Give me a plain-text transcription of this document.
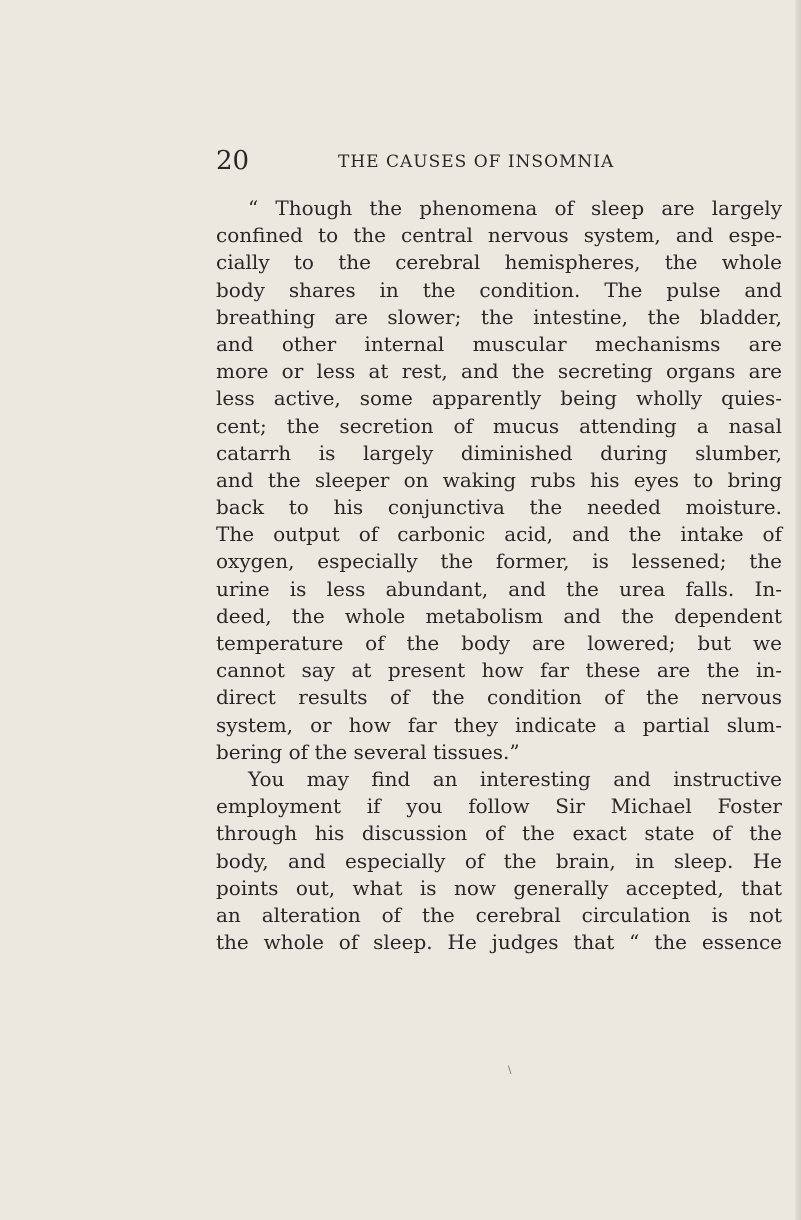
20	THE CAUSES OF INSOMNIA
“ Though the phenomena of sleep are largely
confined to the central nervous system, and espe-
cially to the cerebral hemispheres, the whole
body shares in the condition. The pulse and
breathing are slower; the intestine, the bladder,
and other internal muscular mechanisms are
more or less at rest, and the secreting organs are
less active, some apparently being wholly quies-
cent; the secretion of mucus attending a nasal
catarrh is largely diminished during slumber,
and the sleeper on waking rubs his eyes to bring
back to his conjunctiva the needed moisture.
The output of carbonic acid, and the intake of
oxygen, especially the former, is lessened; the
urine is less abundant, and the urea falls. In-
deed, the whole metabolism and the dependent
temperature of the body are lowered; but we
cannot say at present how far these are the in-
direct results of the condition of the nervous
system, or how far they indicate a partial slum-
bering of the several tissues.”
You may find an interesting and instructive
employment if you follow Sir Michael Foster
through his discussion of the exact state of the
body, and especially of the brain, in sleep. He
points out, what is now generally accepted, that
an alteration of the cerebral circulation is not
the whole of sleep. He judges that “ the essence
\
